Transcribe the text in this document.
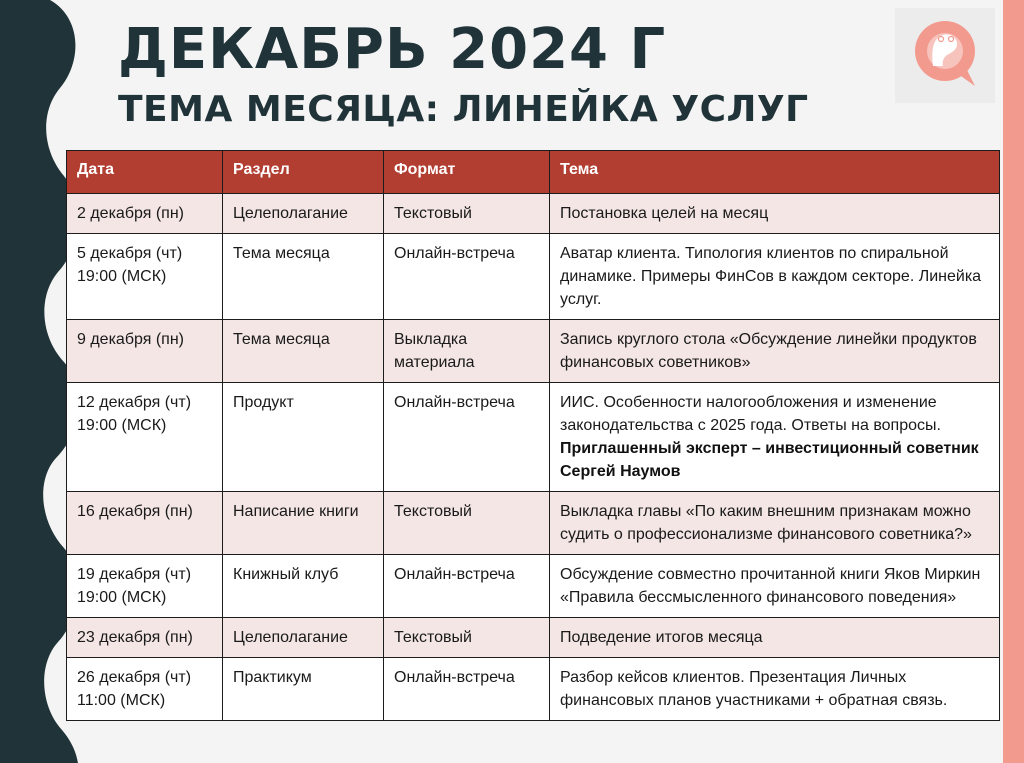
ДЕКАБРЬ 2024 Г
ТЕМА МЕСЯЦА: ЛИНЕЙКА УСЛУГ
Дата	Раздел	Формат	Тема

2 декабря (пн)	Целеполагание	Текстовый	Постановка целей на месяц

5 декабря (чт)
19:00 (МСК)	Тема месяца	Онлайн-встреча	Аватар клиента. Типология клиентов по спиральной динамике. Примеры ФинСов в каждом секторе. Линейка услуг.

9 декабря (пн)	Тема месяца	Выкладка материала	Запись круглого стола «Обсуждение линейки продуктов финансовых советников»

12 декабря (чт)
19:00 (МСК)	Продукт	Онлайн-встреча	ИИС. Особенности налогообложения и изменение законодательства с 2025 года. Ответы на вопросы.
Приглашенный эксперт – инвестиционный советник Сергей Наумов

16 декабря (пн)	Написание книги	Текстовый	Выкладка главы «По каким внешним признакам можно судить о профессионализме финансового советника?»

19 декабря (чт)
19:00 (МСК)	Книжный клуб	Онлайн-встреча	Обсуждение совместно прочитанной книги Яков Миркин «Правила бессмысленного финансового поведения»

23 декабря (пн)	Целеполагание	Текстовый	Подведение итогов месяца

26 декабря (чт)
11:00 (МСК)	Практикум	Онлайн-встреча	Разбор кейсов клиентов. Презентация Личных финансовых планов участниками + обратная связь.
